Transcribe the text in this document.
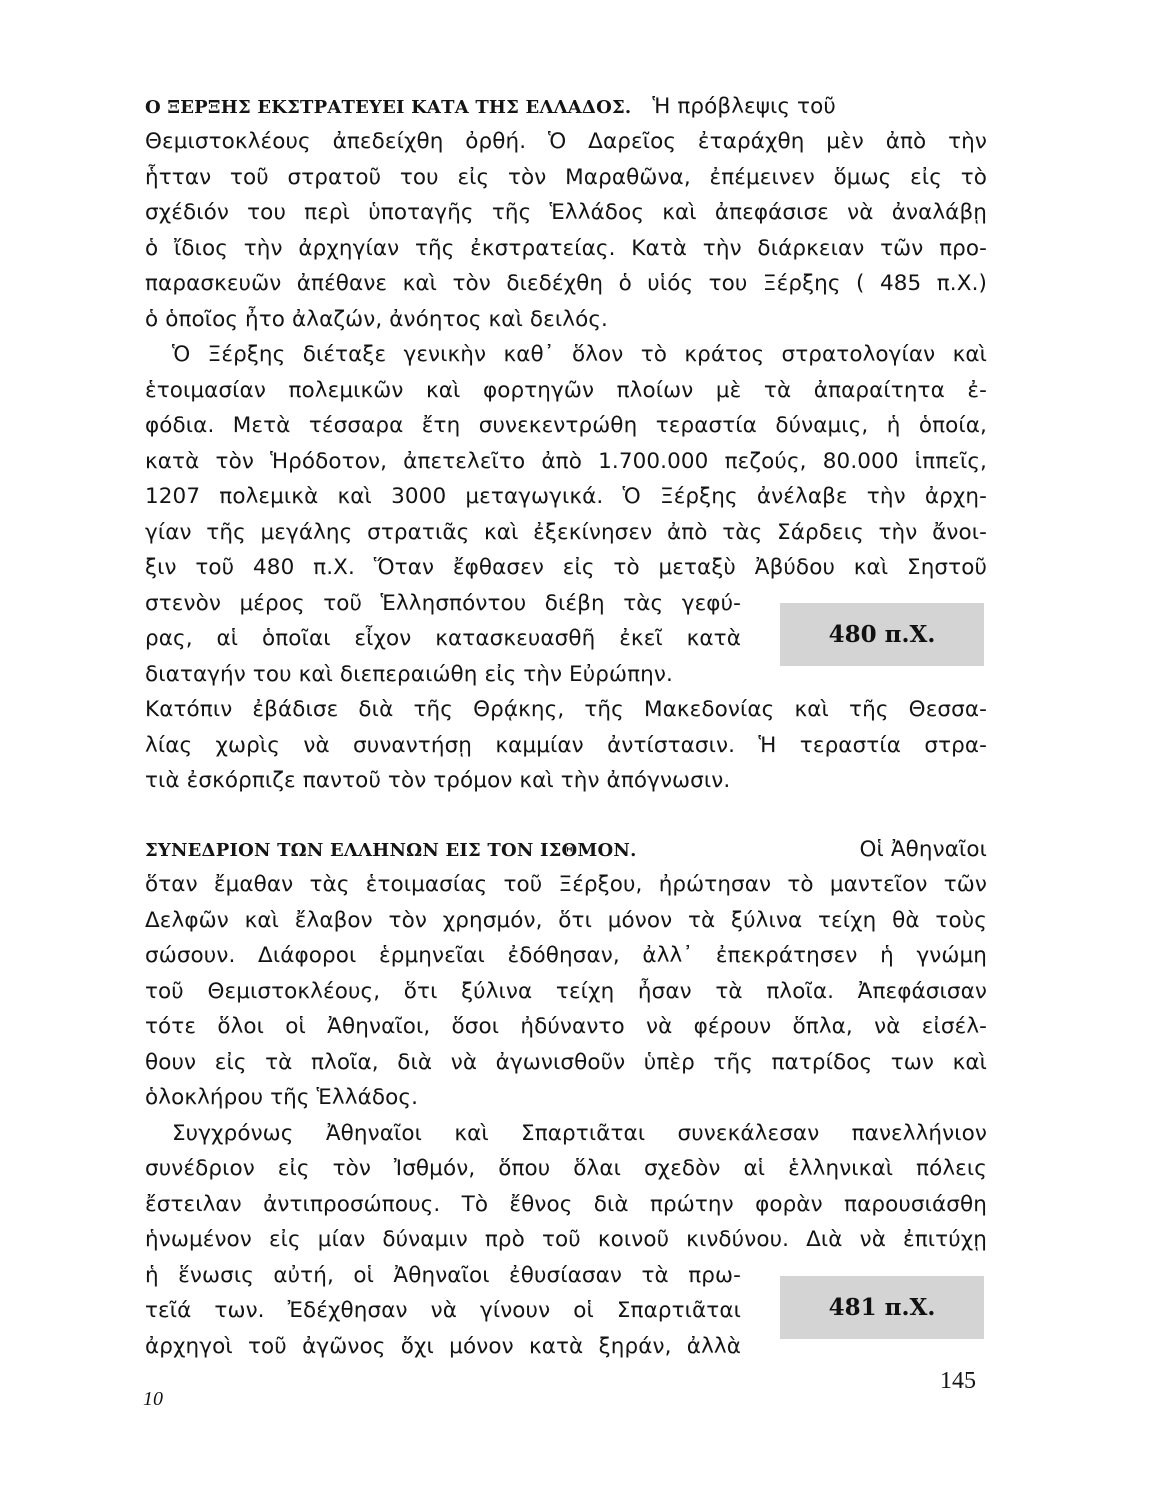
Ο ΞΕΡΞΗΣ ΕΚΣΤΡΑΤΕΥΕΙ ΚΑΤΑ ΤΗΣ ΕΛΛΑΔΟΣ. Ἡ πρόβλεψις τοῦ
Θεμιστοκλέους ἀπεδείχθη ὀρθή. Ὁ Δαρεῖος ἐταράχθη μὲν ἀπὸ τὴν
ἧτταν τοῦ στρατοῦ του εἰς τὸν Μαραθῶνα, ἐπέμεινεν ὅμως εἰς τὸ
σχέδιόν του περὶ ὑποταγῆς τῆς Ἑλλάδος καὶ ἀπεφάσισε νὰ ἀναλάβῃ
ὁ ἴδιος τὴν ἀρχηγίαν τῆς ἐκστρατείας. Κατὰ τὴν διάρκειαν τῶν προ-
παρασκευῶν ἀπέθανε καὶ τὸν διεδέχθη ὁ υἱός του Ξέρξης ( 485 π.Χ.)
ὁ ὁποῖος ἦτο ἀλαζών, ἀνόητος καὶ δειλός.
Ὁ Ξέρξης διέταξε γενικὴν καθ᾽ ὅλον τὸ κράτος στρατολογίαν καὶ
ἑτοιμασίαν πολεμικῶν καὶ φορτηγῶν πλοίων μὲ τὰ ἀπαραίτητα ἐ-
φόδια. Μετὰ τέσσαρα ἔτη συνεκεντρώθη τεραστία δύναμις, ἡ ὁποία,
κατὰ τὸν Ἡρόδοτον, ἀπετελεῖτο ἀπὸ 1.700.000 πεζούς, 80.000 ἱππεῖς,
1207 πολεμικὰ καὶ 3000 μεταγωγικά. Ὁ Ξέρξης ἀνέλαβε τὴν ἀρχη-
γίαν τῆς μεγάλης στρατιᾶς καὶ ἐξεκίνησεν ἀπὸ τὰς Σάρδεις τὴν ἄνοι-
ξιν τοῦ 480 π.Χ. Ὅταν ἔφθασεν εἰς τὸ μεταξὺ Ἀβύδου καὶ Σηστοῦ
στενὸν μέρος τοῦ Ἑλλησπόντου διέβη τὰς γεφύ-
ρας, αἱ ὁποῖαι εἶχον κατασκευασθῆ ἐκεῖ κατὰ
διαταγήν του καὶ διεπεραιώθη εἰς τὴν Εὐρώπην.
Κατόπιν ἐβάδισε διὰ τῆς Θρᾴκης, τῆς Μακεδονίας καὶ τῆς Θεσσα-
λίας χωρὶς νὰ συναντήσῃ καμμίαν ἀντίστασιν. Ἡ τεραστία στρα-
τιὰ ἐσκόρπιζε παντοῦ τὸν τρόμον καὶ τὴν ἀπόγνωσιν.
480 π.Χ.
ΣΥΝΕΔΡΙΟΝ ΤΩΝ ΕΛΛΗΝΩΝ ΕΙΣ ΤΟΝ ΙΣΘΜΟΝ.	Οἱ Ἀθηναῖοι
ὅταν ἔμαθαν τὰς ἑτοιμασίας τοῦ Ξέρξου, ἠρώτησαν τὸ μαντεῖον τῶν
Δελφῶν καὶ ἔλαβον τὸν χρησμόν, ὅτι μόνον τὰ ξύλινα τείχη θὰ τοὺς
σώσουν. Διάφοροι ἑρμηνεῖαι ἐδόθησαν, ἀλλ᾽ ἐπεκράτησεν ἡ γνώμη
τοῦ Θεμιστοκλέους, ὅτι ξύλινα τείχη ἦσαν τὰ πλοῖα. Ἀπεφάσισαν
τότε ὅλοι οἱ Ἀθηναῖοι, ὅσοι ἠδύναντο νὰ φέρουν ὅπλα, νὰ εἰσέλ-
θουν εἰς τὰ πλοῖα, διὰ νὰ ἀγωνισθοῦν ὑπὲρ τῆς πατρίδος των καὶ
ὁλοκλήρου τῆς Ἑλλάδος.
Συγχρόνως Ἀθηναῖοι καὶ Σπαρτιᾶται συνεκάλεσαν πανελλήνιον
συνέδριον εἰς τὸν Ἰσθμόν, ὅπου ὅλαι σχεδὸν αἱ ἑλληνικαὶ πόλεις
ἔστειλαν ἀντιπροσώπους. Τὸ ἔθνος διὰ πρώτην φορὰν παρουσιάσθη
ἡνωμένον εἰς μίαν δύναμιν πρὸ τοῦ κοινοῦ κινδύνου. Διὰ νὰ ἐπιτύχῃ
ἡ ἕνωσις αὐτή, οἱ Ἀθηναῖοι ἐθυσίασαν τὰ πρω-
τεῖά των. Ἐδέχθησαν νὰ γίνουν οἱ Σπαρτιᾶται
ἀρχηγοὶ τοῦ ἀγῶνος ὄχι μόνον κατὰ ξηράν, ἀλλὰ
481 π.Χ.
145
10
